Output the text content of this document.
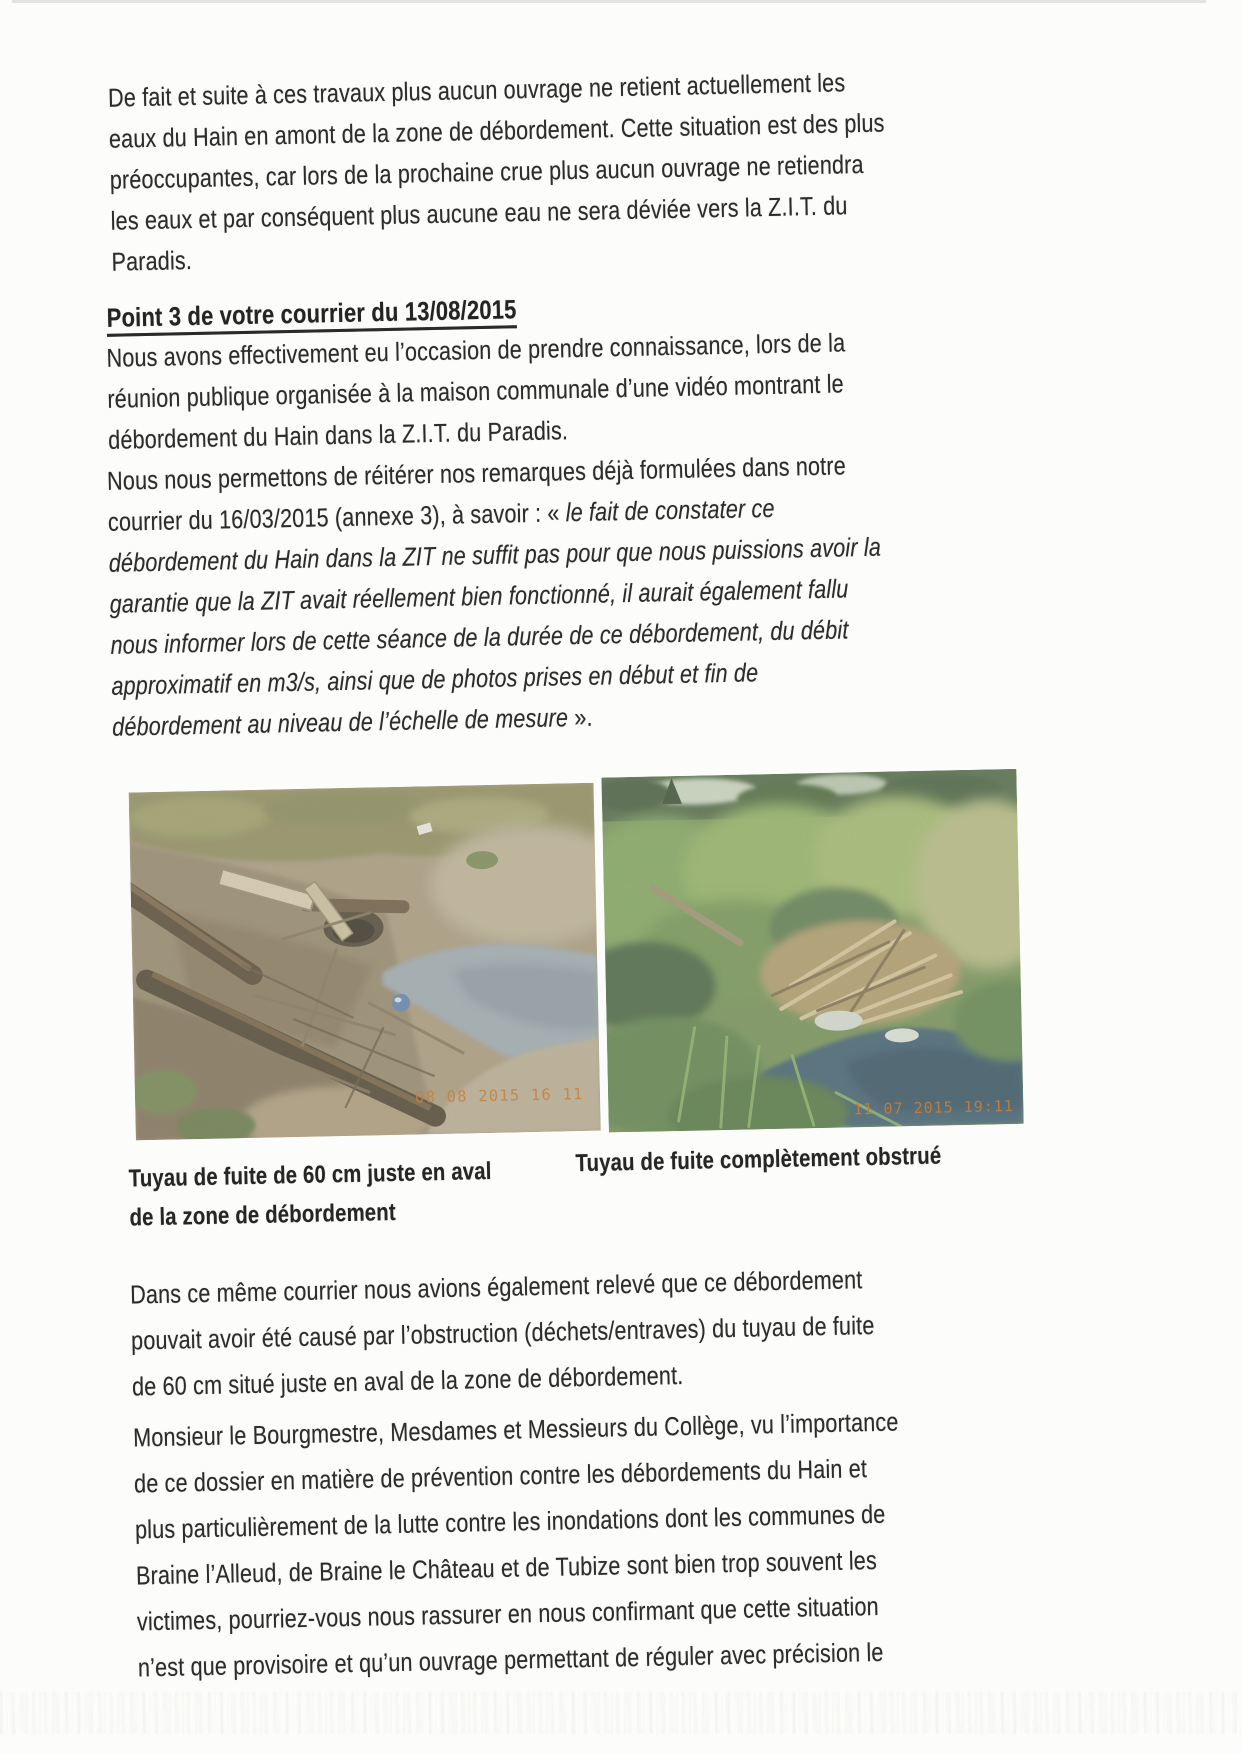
De fait et suite à ces travaux plus aucun ouvrage ne retient actuellement les
eaux du Hain en amont de la zone de débordement. Cette situation est des plus
préoccupantes, car lors de la prochaine crue plus aucun ouvrage ne retiendra
les eaux et par conséquent plus aucune eau ne sera déviée vers la Z.I.T. du
Paradis.

Point 3 de votre courrier du 13/08/2015

Nous avons effectivement eu l’occasion de prendre connaissance, lors de la
réunion publique organisée à la maison communale d’une vidéo montrant le
débordement du Hain dans la Z.I.T. du Paradis.

Nous nous permettons de réitérer nos remarques déjà formulées dans notre
courrier du 16/03/2015 (annexe 3), à savoir : « le fait de constater ce
débordement du Hain dans la ZIT ne suffit pas pour que nous puissions avoir la
garantie que la ZIT avait réellement bien fonctionné, il aurait également fallu
nous informer lors de cette séance de la durée de ce débordement, du débit
approximatif en m3/s, ainsi que de photos prises en début et fin de
débordement au niveau de l’échelle de mesure ».

08 08 2015 16 11
11 07 2015 19:11
Tuyau de fuite de 60 cm juste en aval
de la zone de débordement
Tuyau de fuite complètement obstrué

Dans ce même courrier nous avions également relevé que ce débordement
pouvait avoir été causé par l’obstruction (déchets/entraves) du tuyau de fuite
de 60 cm situé juste en aval de la zone de débordement.

Monsieur le Bourgmestre, Mesdames et Messieurs du Collège, vu l’importance
de ce dossier en matière de prévention contre les débordements du Hain et
plus particulièrement de la lutte contre les inondations dont les communes de
Braine l’Alleud, de Braine le Château et de Tubize sont bien trop souvent les
victimes, pourriez-vous nous rassurer en nous confirmant que cette situation
n’est que provisoire et qu’un ouvrage permettant de réguler avec précision le
